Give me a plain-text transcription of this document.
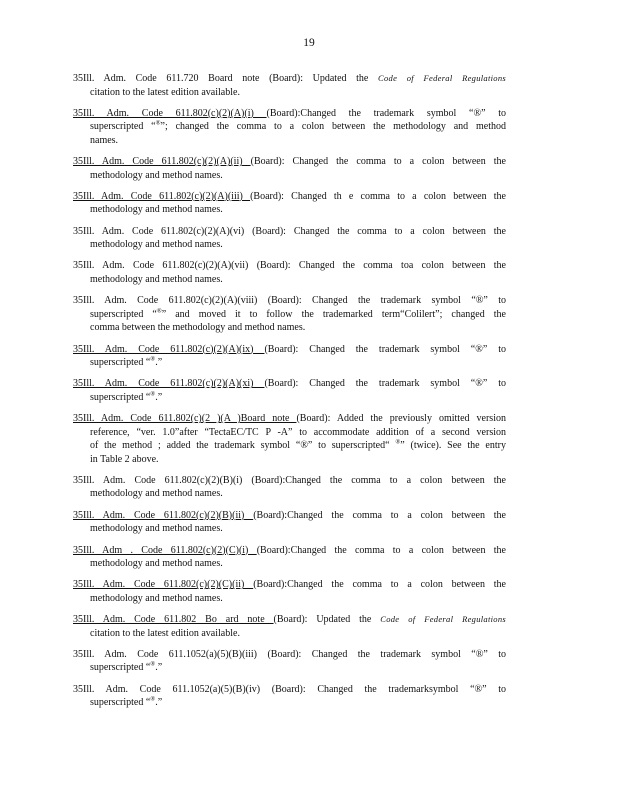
19
35Ill. Adm. Code 611.720 Board note (Board): Updated the Code of Federal Regulations
citation to the latest edition available.
35Ill. Adm. Code 611.802(c)(2)(A)(i) (Board):Changed the trademark symbol “®” to
superscripted “®”; changed the comma to a colon between the methodology and method
names.
35Ill. Adm. Code 611.802(c)(2)(A)(ii) (Board): Changed the comma to a colon between the
methodology and method names.
35Ill. Adm. Code 611.802(c)(2)(A)(iii) (Board): Changed th e comma to a colon between the
methodology and method names.
35Ill. Adm. Code 611.802(c)(2)(A)(vi) (Board): Changed the comma to a colon between the
methodology and method names.
35Ill. Adm. Code 611.802(c)(2)(A)(vii) (Board): Changed the comma toa colon between the
methodology and method names.
35Ill. Adm. Code 611.802(c)(2)(A)(viii) (Board): Changed the trademark symbol “®” to
superscripted “®” and moved it to follow the trademarked term“Colilert”; changed the
comma between the methodology and method names.
35Ill. Adm. Code 611.802(c)(2)(A)(ix) (Board): Changed the trademark symbol “®” to
superscripted “®.”
35Ill. Adm. Code 611.802(c)(2)(A)(xi) (Board): Changed the trademark symbol “®” to
superscripted “®.”
35Ill. Adm. Code 611.802(c)(2 )(A )Board note (Board): Added the previously omitted version
reference, “ver. 1.0”after “TectaEC/TC P -A” to accommodate addition of a second version
of the method ; added the trademark symbol “®” to superscripted“ ®” (twice). See the entry
in Table 2 above.
35Ill. Adm. Code 611.802(c)(2)(B)(i) (Board):Changed the comma to a colon between the
methodology and method names.
35Ill. Adm. Code 611.802(c)(2)(B)(ii) (Board):Changed the comma to a colon between the
methodology and method names.
35Ill. Adm . Code 611.802(c)(2)(C)(i) (Board):Changed the comma to a colon between the
methodology and method names.
35Ill. Adm. Code 611.802(c)(2)(C)(ii) (Board):Changed the comma to a colon between the
methodology and method names.
35Ill. Adm. Code 611.802 Bo ard note (Board): Updated the Code of Federal Regulations
citation to the latest edition available.
35Ill. Adm. Code 611.1052(a)(5)(B)(iii) (Board): Changed the trademark symbol “®” to
superscripted “®.”
35Ill. Adm. Code 611.1052(a)(5)(B)(iv) (Board): Changed the trademarksymbol “®” to
superscripted “®.”
